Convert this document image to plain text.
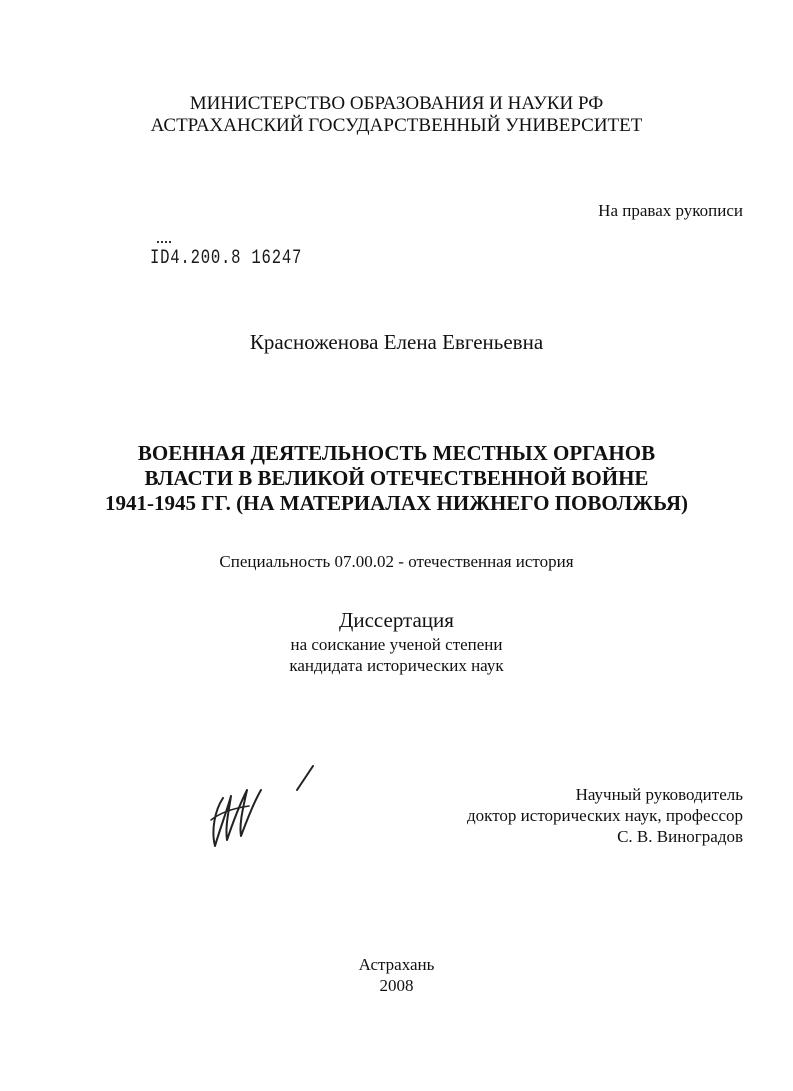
МИНИСТЕРСТВО ОБРАЗОВАНИЯ И НАУКИ РФ
АСТРАХАНСКИЙ ГОСУДАРСТВЕННЫЙ УНИВЕРСИТЕТ
На правах рукописи
ID4.200.8 16247
Красноженова Елена Евгеньевна
ВОЕННАЯ ДЕЯТЕЛЬНОСТЬ МЕСТНЫХ ОРГАНОВ
ВЛАСТИ В ВЕЛИКОЙ ОТЕЧЕСТВЕННОЙ ВОЙНЕ
1941-1945 ГГ. (НА МАТЕРИАЛАХ НИЖНЕГО ПОВОЛЖЬЯ)
Специальность 07.00.02 - отечественная история
Диссертация
на соискание ученой степени
кандидата исторических наук
Научный руководитель
доктор исторических наук, профессор
С. В. Виноградов
Астрахань
2008
